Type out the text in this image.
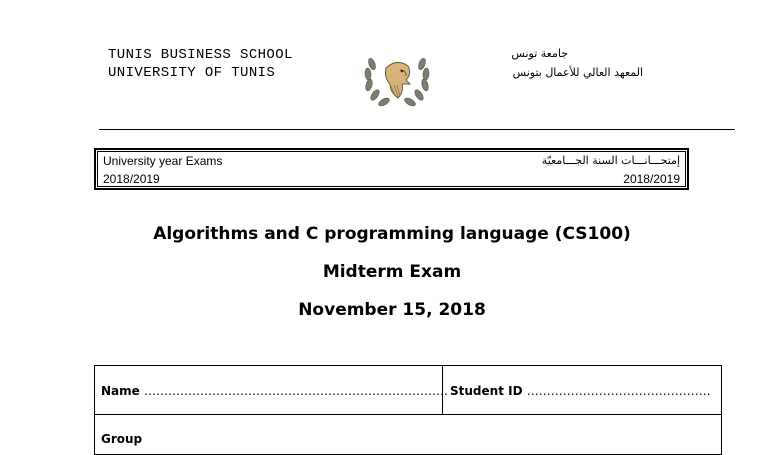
TUNIS BUSINESS SCHOOL
UNIVERSITY OF TUNIS
جامعة تونس
المعهد العالي للأعمال بتونس
University year Exams
2018/2019
إمتحـــانـــات السنة الجـــامعيّة
2018/2019
Algorithms and C programming language (CS100)
Midterm Exam
November 15, 2018
Name …………………………………………………………………. Student ID ……………………………………….
Group
